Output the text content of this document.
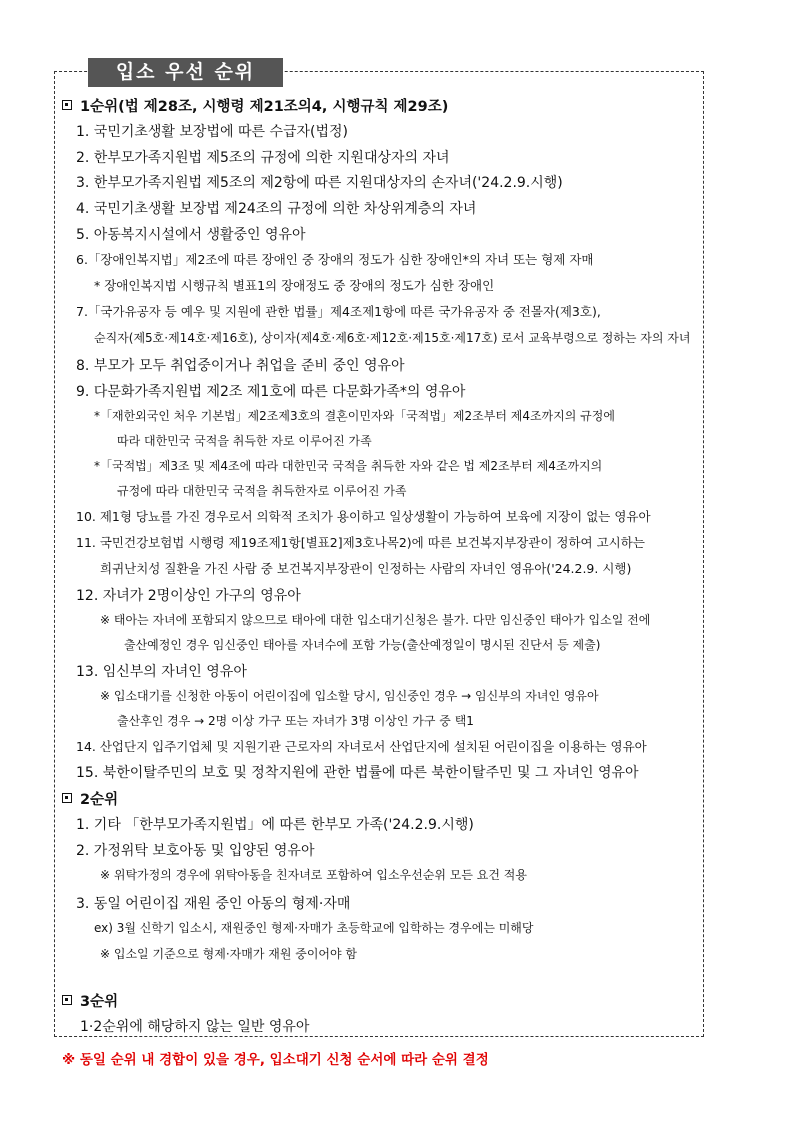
입소 우선 순위
1순위(법 제28조, 시행령 제21조의4, 시행규칙 제29조)
1. 국민기초생활 보장법에 따른 수급자(법정)
2. 한부모가족지원법 제5조의 규정에 의한 지원대상자의 자녀
3. 한부모가족지원법 제5조의 제2항에 따른 지원대상자의 손자녀('24.2.9.시행)
4. 국민기초생활 보장법 제24조의 규정에 의한 차상위계층의 자녀
5. 아동복지시설에서 생활중인 영유아
6.「장애인복지법」제2조에 따른 장애인 중 장애의 정도가 심한 장애인*의 자녀 또는 형제 자매
* 장애인복지법 시행규칙 별표1의 장애정도 중 장애의 정도가 심한 장애인
7.「국가유공자 등 예우 및 지원에 관한 법률」제4조제1항에 따른 국가유공자 중 전몰자(제3호),
순직자(제5호·제14호·제16호), 상이자(제4호·제6호·제12호·제15호·제17호) 로서 교육부령으로 정하는 자의 자녀
8. 부모가 모두 취업중이거나 취업을 준비 중인 영유아
9. 다문화가족지원법 제2조 제1호에 따른 다문화가족*의 영유아
*「재한외국인 처우 기본법」제2조제3호의 결혼이민자와「국적법」제2조부터 제4조까지의 규정에
따라 대한민국 국적을 취득한 자로 이루어진 가족
*「국적법」제3조 및 제4조에 따라 대한민국 국적을 취득한 자와 같은 법 제2조부터 제4조까지의
규정에 따라 대한민국 국적을 취득한자로 이루어진 가족
10. 제1형 당뇨를 가진 경우로서 의학적 조치가 용이하고 일상생활이 가능하여 보육에 지장이 없는 영유아
11. 국민건강보험법 시행령 제19조제1항[별표2]제3호나목2)에 따른 보건복지부장관이 정하여 고시하는
희귀난치성 질환을 가진 사람 중 보건복지부장관이 인정하는 사람의 자녀인 영유아('24.2.9. 시행)
12. 자녀가 2명이상인 가구의 영유아
※ 태아는 자녀에 포함되지 않으므로 태아에 대한 입소대기신청은 불가. 다만 임신중인 태아가 입소일 전에
출산예정인 경우 임신중인 태아를 자녀수에 포함 가능(출산예정일이 명시된 진단서 등 제출)
13. 임신부의 자녀인 영유아
※ 입소대기를 신청한 아동이 어린이집에 입소할 당시, 임신중인 경우 → 임신부의 자녀인 영유아
출산후인 경우 → 2명 이상 가구 또는 자녀가 3명 이상인 가구 중 택1
14. 산업단지 입주기업체 및 지원기관 근로자의 자녀로서 산업단지에 설치된 어린이집을 이용하는 영유아
15. 북한이탈주민의 보호 및 정착지원에 관한 법률에 따른 북한이탈주민 및 그 자녀인 영유아
2순위
1. 기타 「한부모가족지원법」에 따른 한부모 가족('24.2.9.시행)
2. 가정위탁 보호아동 및 입양된 영유아
※ 위탁가정의 경우에 위탁아동을 친자녀로 포함하여 입소우선순위 모든 요건 적용
3. 동일 어린이집 재원 중인 아동의 형제·자매
ex) 3월 신학기 입소시, 재원중인 형제·자매가 초등학교에 입학하는 경우에는 미해당
※ 입소일 기준으로 형제·자매가 재원 중이어야 함
3순위
1·2순위에 해당하지 않는 일반 영유아
※ 동일 순위 내 경합이 있을 경우, 입소대기 신청 순서에 따라 순위 결정
